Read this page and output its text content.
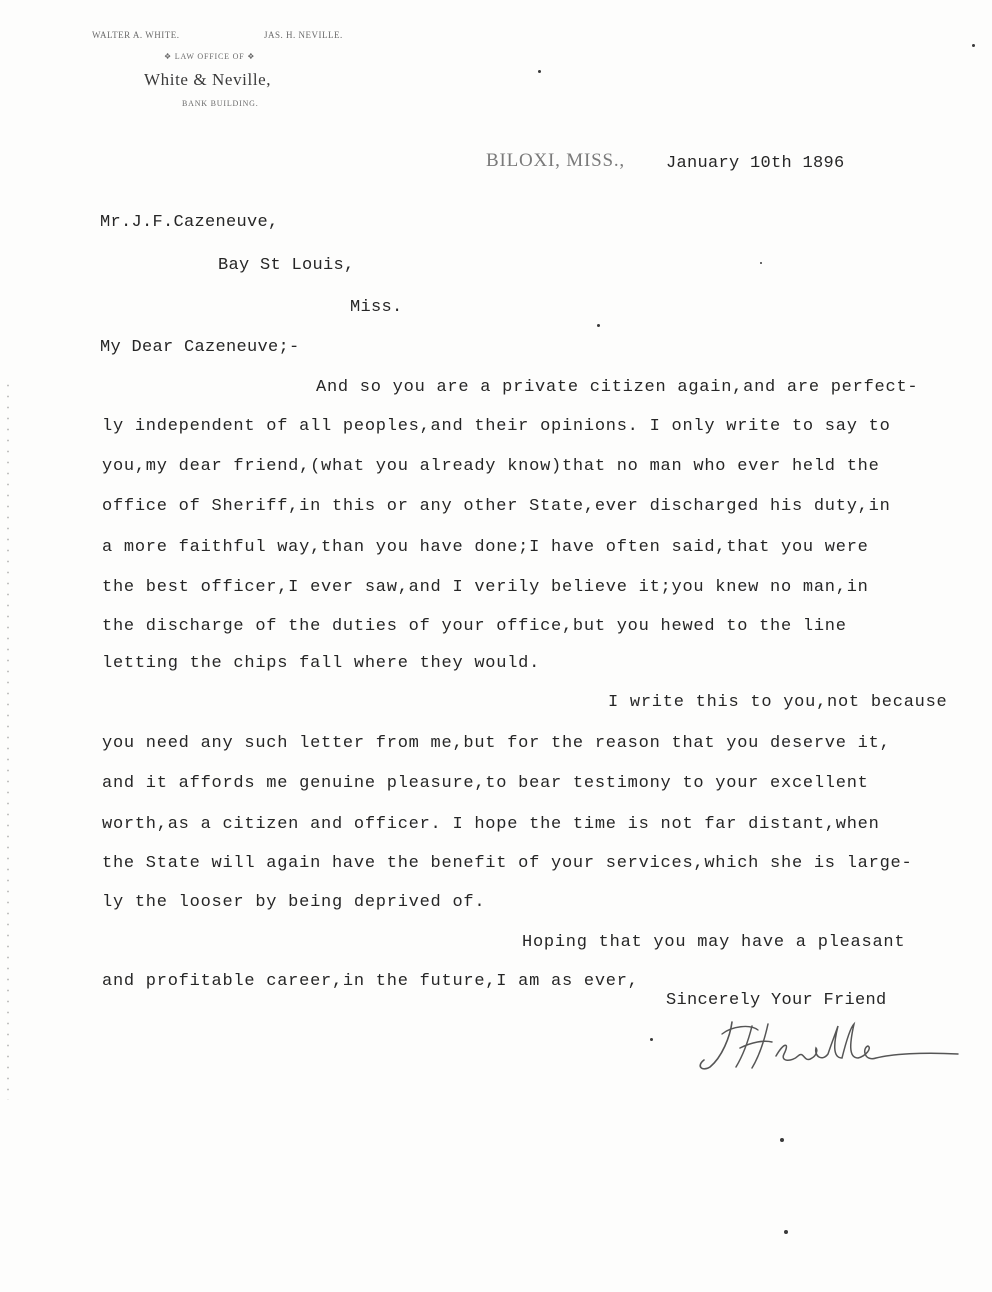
WALTER A. WHITE.	JAS. H. NEVILLE.
❖ LAW OFFICE OF ❖
White & Neville,
BANK BUILDING.
BILOXI, MISS., January 10th 1896
Mr.J.F.Cazeneuve,
Bay St Louis,
Miss.
My Dear Cazeneuve;-
And so you are a private citizen again,and are perfect-
ly independent of all peoples,and their opinions. I only write to say to
you,my dear friend,(what you already know)that no man who ever held the
office of Sheriff,in this or any other State,ever discharged his duty,in
a more faithful way,than you have done;I have often said,that you were
the best officer,I ever saw,and I verily believe it;you knew no man,in
the discharge of the duties of your office,but you hewed to the line
letting the chips fall where they would.
I write this to you,not because
you need any such letter from me,but for the reason that you deserve it,
and it affords me genuine pleasure,to bear testimony to your excellent
worth,as a citizen and officer. I hope the time is not far distant,when
the State will again have the benefit of your services,which she is large-
ly the looser by being deprived of.
Hoping that you may have a pleasant
and profitable career,in the future,I am as ever,
Sincerely Your Friend
